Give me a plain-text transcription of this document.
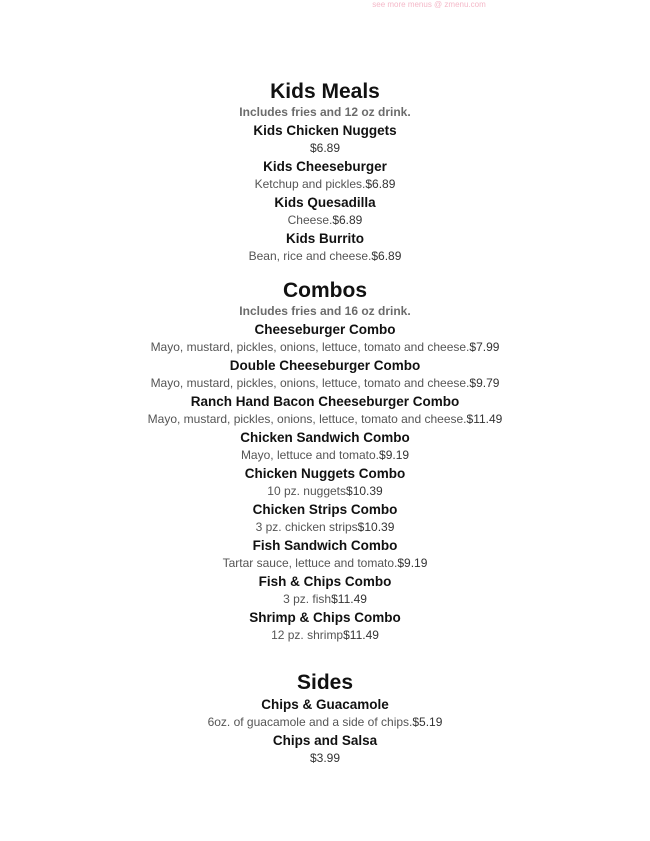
see more menus @ zmenu.com
Kids Meals
Includes fries and 12 oz drink.
Kids Chicken Nuggets
$6.89
Kids Cheeseburger
Ketchup and pickles.$6.89
Kids Quesadilla
Cheese.$6.89
Kids Burrito
Bean, rice and cheese.$6.89
Combos
Includes fries and 16 oz drink.
Cheeseburger Combo
Mayo, mustard, pickles, onions, lettuce, tomato and cheese.$7.99
Double Cheeseburger Combo
Mayo, mustard, pickles, onions, lettuce, tomato and cheese.$9.79
Ranch Hand Bacon Cheeseburger Combo
Mayo, mustard, pickles, onions, lettuce, tomato and cheese.$11.49
Chicken Sandwich Combo
Mayo, lettuce and tomato.$9.19
Chicken Nuggets Combo
10 pz. nuggets$10.39
Chicken Strips Combo
3 pz. chicken strips$10.39
Fish Sandwich Combo
Tartar sauce, lettuce and tomato.$9.19
Fish & Chips Combo
3 pz. fish$11.49
Shrimp & Chips Combo
12 pz. shrimp$11.49
Sides
Chips & Guacamole
6oz. of guacamole and a side of chips.$5.19
Chips and Salsa
$3.99
